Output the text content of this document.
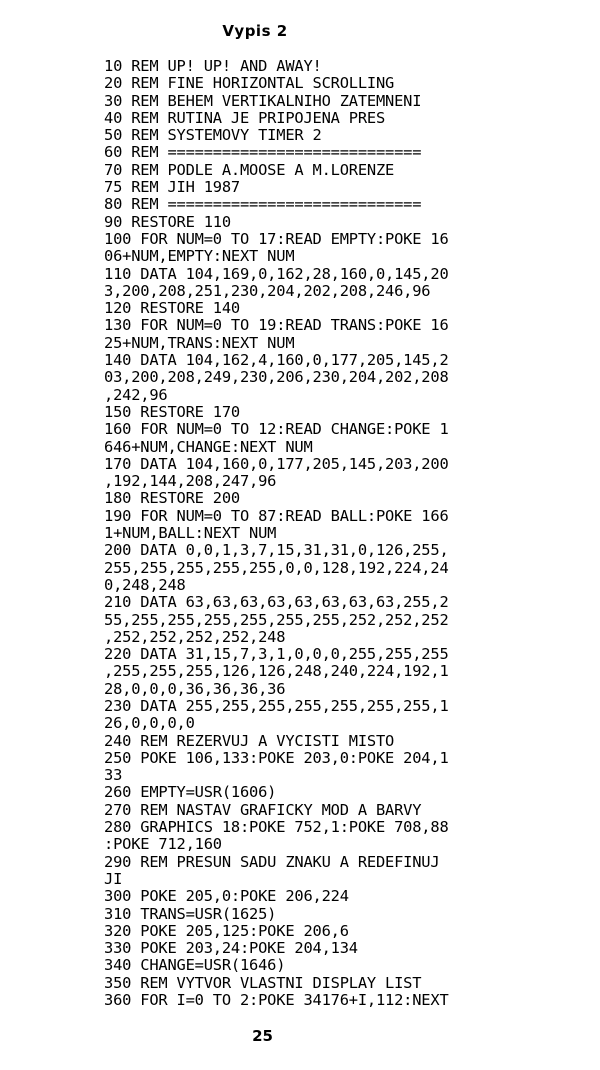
Vypis 2
10 REM UP! UP! AND AWAY!
20 REM FINE HORIZONTAL SCROLLING
30 REM BEHEM VERTIKALNIHO ZATEMNENI
40 REM RUTINA JE PRIPOJENA PRES
50 REM SYSTEMOVY TIMER 2
60 REM ============================
70 REM PODLE A.MOOSE A M.LORENZE
75 REM JIH 1987
80 REM ============================
90 RESTORE 110
100 FOR NUM=0 TO 17:READ EMPTY:POKE 16
06+NUM,EMPTY:NEXT NUM
110 DATA 104,169,0,162,28,160,0,145,20
3,200,208,251,230,204,202,208,246,96
120 RESTORE 140
130 FOR NUM=0 TO 19:READ TRANS:POKE 16
25+NUM,TRANS:NEXT NUM
140 DATA 104,162,4,160,0,177,205,145,2
03,200,208,249,230,206,230,204,202,208
,242,96
150 RESTORE 170
160 FOR NUM=0 TO 12:READ CHANGE:POKE 1
646+NUM,CHANGE:NEXT NUM
170 DATA 104,160,0,177,205,145,203,200
,192,144,208,247,96
180 RESTORE 200
190 FOR NUM=0 TO 87:READ BALL:POKE 166
1+NUM,BALL:NEXT NUM
200 DATA 0,0,1,3,7,15,31,31,0,126,255,
255,255,255,255,255,0,0,128,192,224,24
0,248,248
210 DATA 63,63,63,63,63,63,63,63,255,2
55,255,255,255,255,255,255,252,252,252
,252,252,252,252,248
220 DATA 31,15,7,3,1,0,0,0,255,255,255
,255,255,255,126,126,248,240,224,192,1
28,0,0,0,36,36,36,36
230 DATA 255,255,255,255,255,255,255,1
26,0,0,0,0
240 REM REZERVUJ A VYCISTI MISTO
250 POKE 106,133:POKE 203,0:POKE 204,1
33
260 EMPTY=USR(1606)
270 REM NASTAV GRAFICKY MOD A BARVY
280 GRAPHICS 18:POKE 752,1:POKE 708,88
:POKE 712,160
290 REM PRESUN SADU ZNAKU A REDEFINUJ
JI
300 POKE 205,0:POKE 206,224
310 TRANS=USR(1625)
320 POKE 205,125:POKE 206,6
330 POKE 203,24:POKE 204,134
340 CHANGE=USR(1646)
350 REM VYTVOR VLASTNI DISPLAY LIST
360 FOR I=0 TO 2:POKE 34176+I,112:NEXT
25
